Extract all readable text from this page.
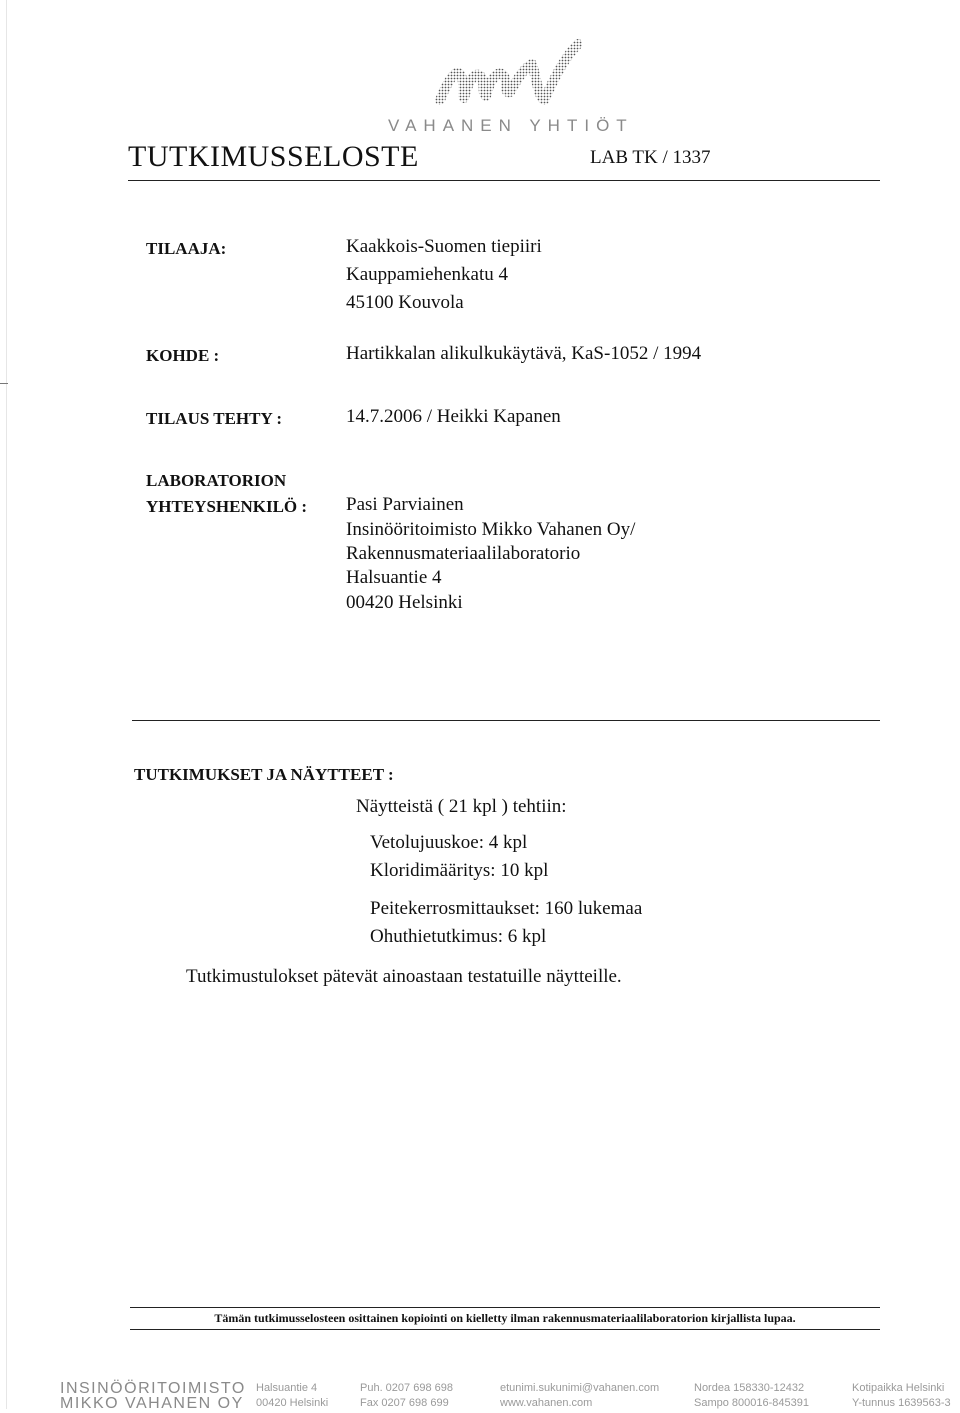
VAHANEN YHTIÖT
TUTKIMUSSELOSTE	LAB TK / 1337
TILAAJA:	Kaakkois-Suomen tiepiiri
Kauppamiehenkatu 4
45100 Kouvola
KOHDE :	Hartikkalan alikulkukäytävä, KaS-1052 / 1994
TILAUS TEHTY :	14.7.2006 / Heikki Kapanen
LABORATORION
YHTEYSHENKILÖ : Pasi Parviainen
Insinööritoimisto Mikko Vahanen Oy/
Rakennusmateriaalilaboratorio
Halsuantie 4
00420 Helsinki
TUTKIMUKSET JA NÄYTTEET :
Näytteistä ( 21 kpl ) tehtiin:
Vetolujuuskoe: 4 kpl
Kloridimääritys: 10 kpl
Peitekerrosmittaukset: 160 lukemaa
Ohuthietutkimus: 6 kpl
Tutkimustulokset pätevät ainoastaan testatuille näytteille.
Tämän tutkimusselosteen osittainen kopiointi on kielletty ilman rakennusmateriaalilaboratorion kirjallista lupaa.
INSINÖÖRITOIMISTO
MIKKO VAHANEN OY
Halsuantie 4
00420 Helsinki
Puh. 0207 698 698
Fax 0207 698 699
etunimi.sukunimi@vahanen.com
www.vahanen.com
Nordea 158330-12432
Sampo 800016-845391
Kotipaikka Helsinki
Y-tunnus 1639563-3
